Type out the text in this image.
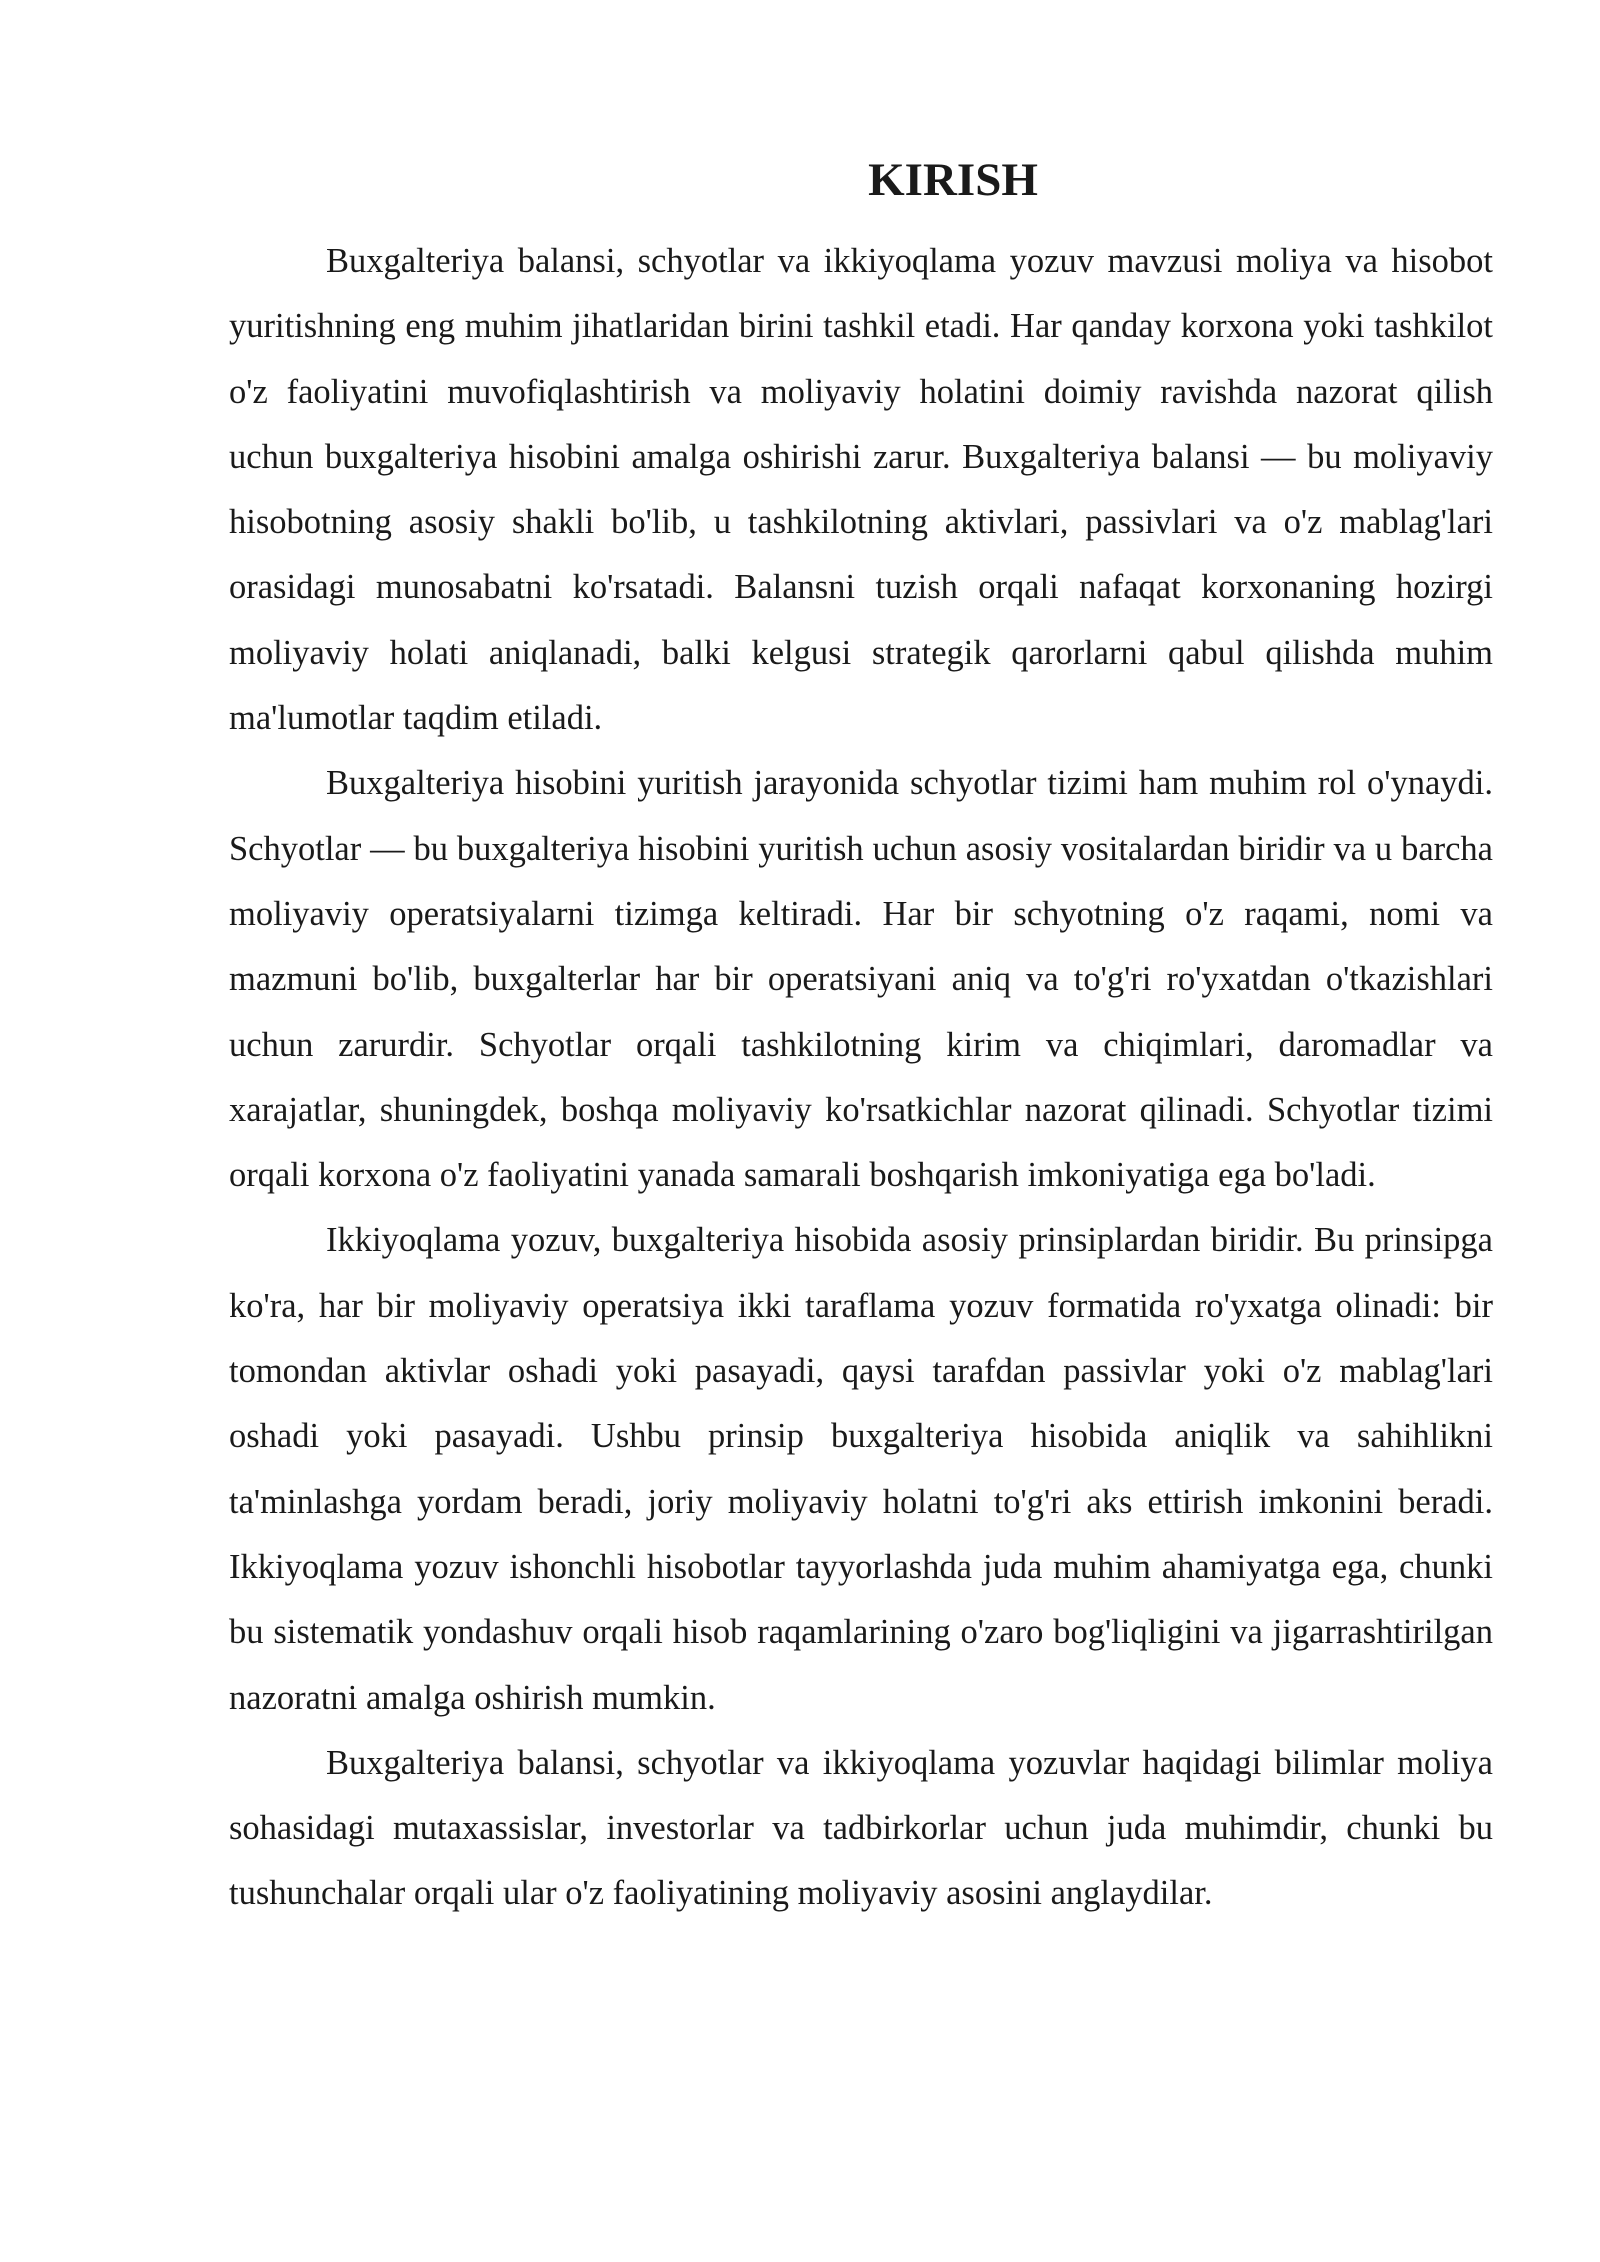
KIRISH

Buxgalteriya balansi, schyotlar va ikkiyoqlama yozuv mavzusi moliya va hisobot yuritishning eng muhim jihatlaridan birini tashkil etadi. Har qanday korxona yoki tashkilot o'z faoliyatini muvofiqlashtirish va moliyaviy holatini doimiy ravishda nazorat qilish uchun buxgalteriya hisobini amalga oshirishi zarur. Buxgalteriya balansi — bu moliyaviy hisobotning asosiy shakli bo'lib, u tashkilotning aktivlari, passivlari va o'z mablag'lari orasidagi munosabatni ko'rsatadi. Balansni tuzish orqali nafaqat korxonaning hozirgi moliyaviy holati aniqlanadi, balki kelgusi strategik qarorlarni qabul qilishda muhim ma'lumotlar taqdim etiladi.

Buxgalteriya hisobini yuritish jarayonida schyotlar tizimi ham muhim rol o'ynaydi. Schyotlar — bu buxgalteriya hisobini yuritish uchun asosiy vositalardan biridir va u barcha moliyaviy operatsiyalarni tizimga keltiradi. Har bir schyotning o'z raqami, nomi va mazmuni bo'lib, buxgalterlar har bir operatsiyani aniq va to'g'ri ro'yxatdan o'tkazishlari uchun zarurdir. Schyotlar orqali tashkilotning kirim va chiqimlari, daromadlar va xarajatlar, shuningdek, boshqa moliyaviy ko'rsatkichlar nazorat qilinadi. Schyotlar tizimi orqali korxona o'z faoliyatini yanada samarali boshqarish imkoniyatiga ega bo'ladi.

Ikkiyoqlama yozuv, buxgalteriya hisobida asosiy prinsiplardan biridir. Bu prinsipga ko'ra, har bir moliyaviy operatsiya ikki taraflama yozuv formatida ro'yxatga olinadi: bir tomondan aktivlar oshadi yoki pasayadi, qaysi tarafdan passivlar yoki o'z mablag'lari oshadi yoki pasayadi. Ushbu prinsip buxgalteriya hisobida aniqlik va sahihlikni ta'minlashga yordam beradi, joriy moliyaviy holatni to'g'ri aks ettirish imkonini beradi. Ikkiyoqlama yozuv ishonchli hisobotlar tayyorlashda juda muhim ahamiyatga ega, chunki bu sistematik yondashuv orqali hisob raqamlarining o'zaro bog'liqligini va jigarrashtirilgan nazoratni amalga oshirish mumkin.

Buxgalteriya balansi, schyotlar va ikkiyoqlama yozuvlar haqidagi bilimlar moliya sohasidagi mutaxassislar, investorlar va tadbirkorlar uchun juda muhimdir, chunki bu tushunchalar orqali ular o'z faoliyatining moliyaviy asosini anglaydilar.
